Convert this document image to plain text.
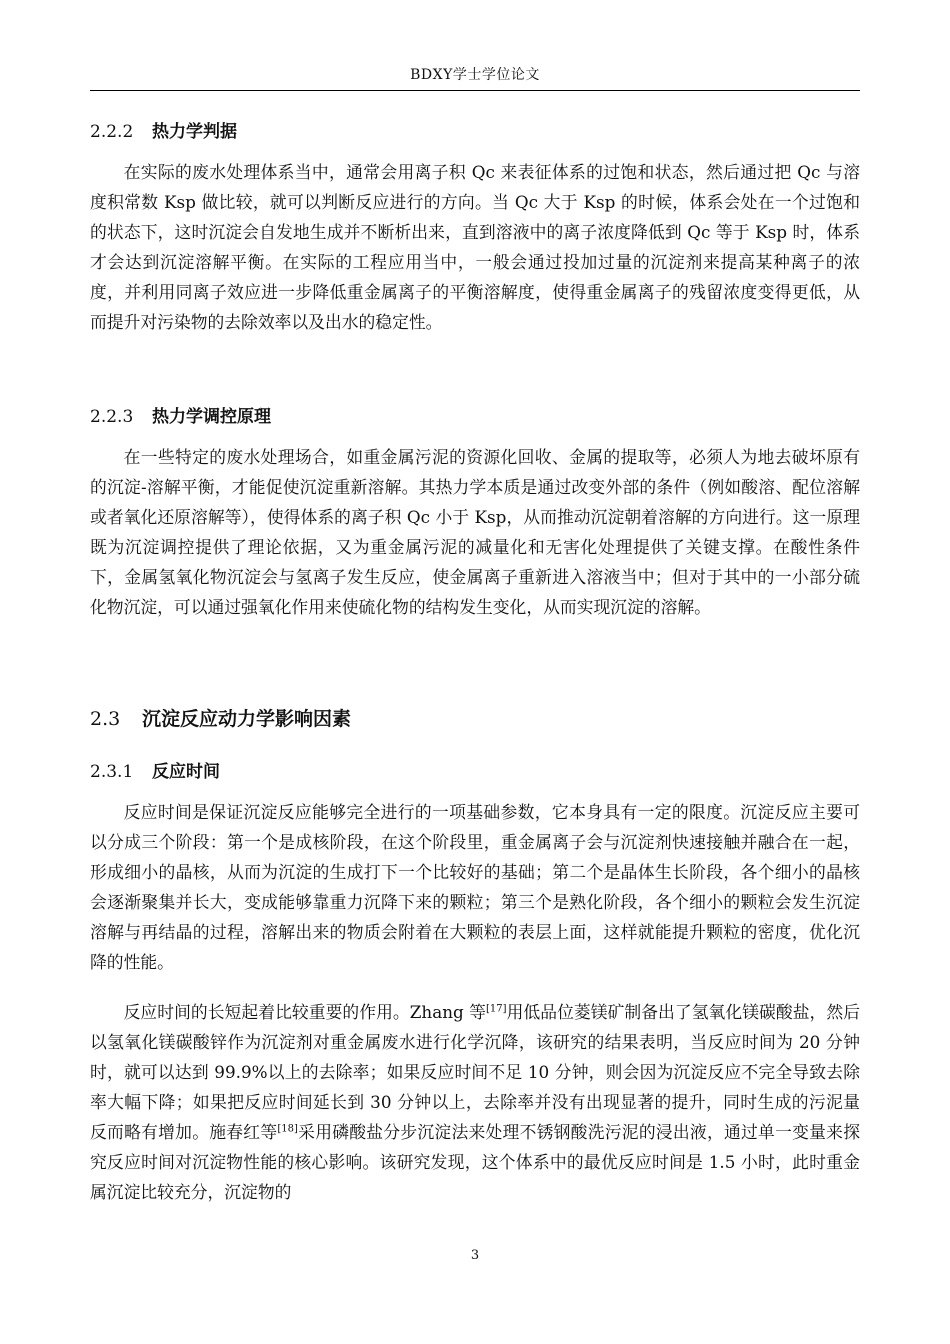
BDXY学士学位论文
2.2.2 热力学判据

在实际的废水处理体系当中，通常会用离子积 Qc 来表征体系的过饱和状态，然后通过把 Qc 与溶度积常数 Ksp 做比较，就可以判断反应进行的方向。当 Qc 大于 Ksp 的时候，体系会处在一个过饱和的状态下，这时沉淀会自发地生成并不断析出来，直到溶液中的离子浓度降低到 Qc 等于 Ksp 时，体系才会达到沉淀溶解平衡。在实际的工程应用当中，一般会通过投加过量的沉淀剂来提高某种离子的浓度，并利用同离子效应进一步降低重金属离子的平衡溶解度，使得重金属离子的残留浓度变得更低，从而提升对污染物的去除效率以及出水的稳定性。

2.2.3 热力学调控原理

在一些特定的废水处理场合，如重金属污泥的资源化回收、金属的提取等，必须人为地去破坏原有的沉淀-溶解平衡，才能促使沉淀重新溶解。其热力学本质是通过改变外部的条件（例如酸溶、配位溶解或者氧化还原溶解等），使得体系的离子积 Qc 小于 Ksp，从而推动沉淀朝着溶解的方向进行。这一原理既为沉淀调控提供了理论依据，又为重金属污泥的减量化和无害化处理提供了关键支撑。在酸性条件下，金属氢氧化物沉淀会与氢离子发生反应，使金属离子重新进入溶液当中；但对于其中的一小部分硫化物沉淀，可以通过强氧化作用来使硫化物的结构发生变化，从而实现沉淀的溶解。

2.3 沉淀反应动力学影响因素
2.3.1 反应时间

反应时间是保证沉淀反应能够完全进行的一项基础参数，它本身具有一定的限度。沉淀反应主要可以分成三个阶段：第一个是成核阶段，在这个阶段里，重金属离子会与沉淀剂快速接触并融合在一起，形成细小的晶核，从而为沉淀的生成打下一个比较好的基础；第二个是晶体生长阶段，各个细小的晶核会逐渐聚集并长大，变成能够靠重力沉降下来的颗粒；第三个是熟化阶段，各个细小的颗粒会发生沉淀溶解与再结晶的过程，溶解出来的物质会附着在大颗粒的表层上面，这样就能提升颗粒的密度，优化沉降的性能。

反应时间的长短起着比较重要的作用。Zhang 等[17]用低品位菱镁矿制备出了氢氧化镁碳酸盐，然后以氢氧化镁碳酸锌作为沉淀剂对重金属废水进行化学沉降，该研究的结果表明，当反应时间为 20 分钟时，就可以达到 99.9%以上的去除率；如果反应时间不足 10 分钟，则会因为沉淀反应不完全导致去除率大幅下降；如果把反应时间延长到 30 分钟以上，去除率并没有出现显著的提升，同时生成的污泥量反而略有增加。施春红等[18]采用磷酸盐分步沉淀法来处理不锈钢酸洗污泥的浸出液，通过单一变量来探究反应时间对沉淀物性能的核心影响。该研究发现，这个体系中的最优反应时间是 1.5 小时，此时重金属沉淀比较充分，沉淀物的

3
